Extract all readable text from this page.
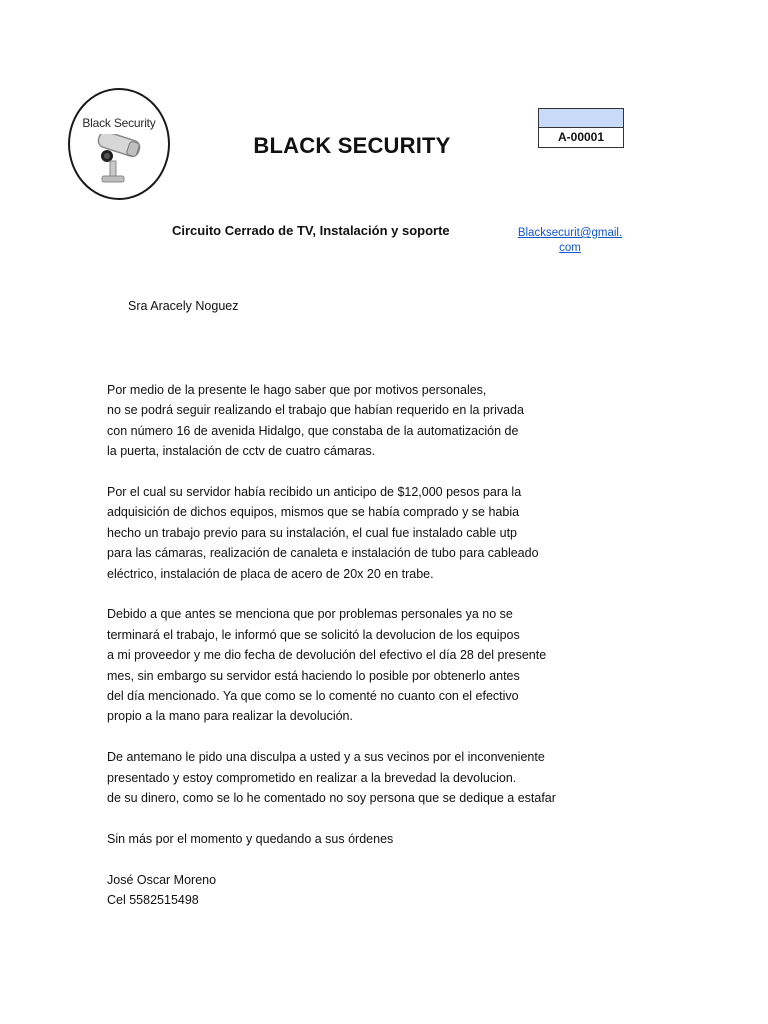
Black Security
BLACK SECURITY	A-00001
Circuito Cerrado de TV, Instalación y soporte	Blacksecurit@gmail.com
Sra Aracely Noguez

Por medio de la presente le hago saber que por motivos personales,
no se podrá seguir realizando el trabajo que habían requerido en la privada
con número 16 de avenida Hidalgo, que constaba de la automatización de
la puerta, instalación de cctv de cuatro cámaras.

Por el cual su servidor había recibido un anticipo de $12,000 pesos para la
adquisición de dichos equipos, mismos que se había comprado y se habia
hecho un trabajo previo para su instalación, el cual fue instalado cable utp
para las cámaras, realización de canaleta e instalación de tubo para cableado
eléctrico, instalación de placa de acero de 20x 20 en trabe.

Debido a que antes se menciona que por problemas personales ya no se
terminará el trabajo, le informó que se solicitó la devolucion de los equipos
a mi proveedor y me dio fecha de devolución del efectivo el día 28 del presente
mes, sin embargo su servidor está haciendo lo posible por obtenerlo antes
del día mencionado. Ya que como se lo comenté no cuanto con el efectivo
propio a la mano para realizar la devolución.

De antemano le pido una disculpa a usted y a sus vecinos por el inconveniente
presentado y estoy comprometido en realizar a la brevedad la devolucion.
de su dinero, como se lo he comentado no soy persona que se dedique a estafar

Sin más por el momento y quedando a sus órdenes

José Oscar Moreno
Cel 5582515498
